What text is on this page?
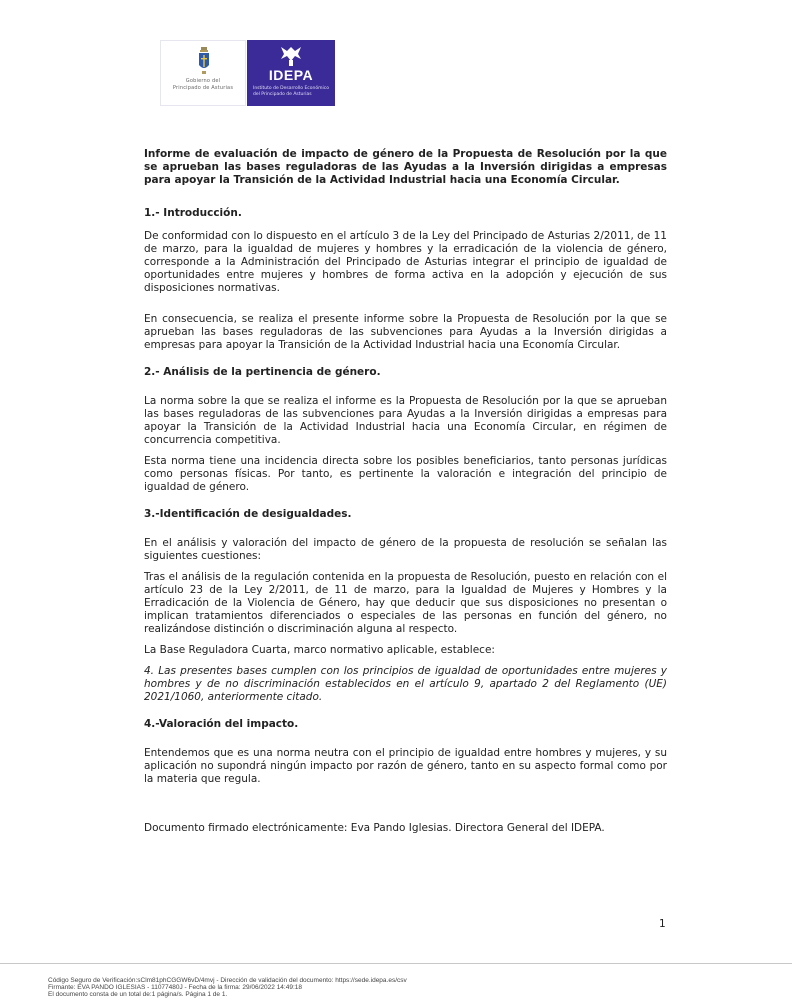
Gobierno del
Principado de Asturias
IDEPA
Instituto de Desarrollo Económico del Principado de Asturias
Informe de evaluación de impacto de género de la Propuesta de Resolución por la que se aprueban las bases reguladoras de las Ayudas a la Inversión dirigidas a empresas para apoyar la Transición de la Actividad Industrial hacia una Economía Circular.
1.- Introducción.

De conformidad con lo dispuesto en el artículo 3 de la Ley del Principado de Asturias 2/2011, de 11 de marzo, para la igualdad de mujeres y hombres y la erradicación de la violencia de género, corresponde a la Administración del Principado de Asturias integrar el principio de igualdad de oportunidades entre mujeres y hombres de forma activa en la adopción y ejecución de sus disposiciones normativas.

En consecuencia, se realiza el presente informe sobre la Propuesta de Resolución por la que se aprueban las bases reguladoras de las subvenciones para Ayudas a la Inversión dirigidas a empresas para apoyar la Transición de la Actividad Industrial hacia una Economía Circular.

2.- Análisis de la pertinencia de género.

La norma sobre la que se realiza el informe es la Propuesta de Resolución por la que se aprueban las bases reguladoras de las subvenciones para Ayudas a la Inversión dirigidas a empresas para apoyar la Transición de la Actividad Industrial hacia una Economía Circular, en régimen de concurrencia competitiva.

Esta norma tiene una incidencia directa sobre los posibles beneficiarios, tanto personas jurídicas como personas físicas. Por tanto, es pertinente la valoración e integración del principio de igualdad de género.

3.-Identificación de desigualdades.

En el análisis y valoración del impacto de género de la propuesta de resolución se señalan las siguientes cuestiones:

Tras el análisis de la regulación contenida en la propuesta de Resolución, puesto en relación con el artículo 23 de la Ley 2/2011, de 11 de marzo, para la Igualdad de Mujeres y Hombres y la Erradicación de la Violencia de Género, hay que deducir que sus disposiciones no presentan o implican tratamientos diferenciados o especiales de las personas en función del género, no realizándose distinción o discriminación alguna al respecto.

La Base Reguladora Cuarta, marco normativo aplicable, establece:

4. Las presentes bases cumplen con los principios de igualdad de oportunidades entre mujeres y hombres y de no discriminación establecidos en el artículo 9, apartado 2 del Reglamento (UE) 2021/1060, anteriormente citado.

4.-Valoración del impacto.

Entendemos que es una norma neutra con el principio de igualdad entre hombres y mujeres, y su aplicación no supondrá ningún impacto por razón de género, tanto en su aspecto formal como por la materia que regula.

Documento firmado electrónicamente: Eva Pando Iglesias. Directora General del IDEPA.

1
Código Seguro de Verificación:sClm81phCGGW6vD/4mvj - Dirección de validación del documento: https://sede.idepa.es/csv
Firmante: EVA PANDO IGLESIAS - 11077480J - Fecha de la firma: 29/06/2022 14:49:18
El documento consta de un total de:1 página/s. Página 1 de 1.
